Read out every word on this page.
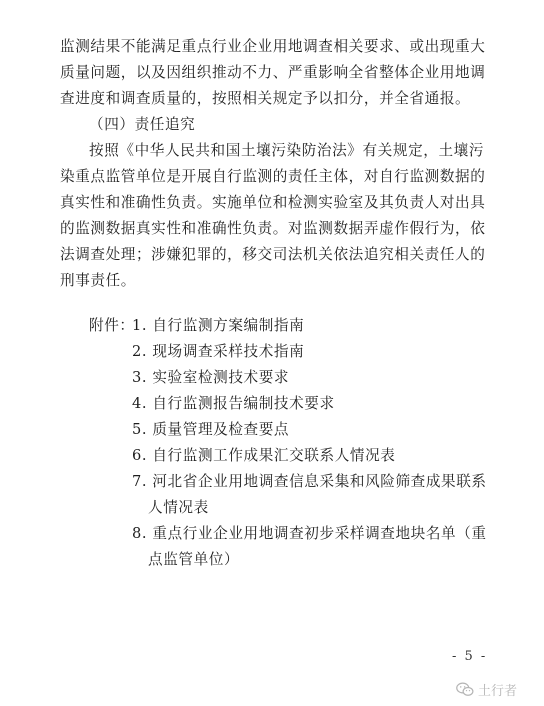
监测结果不能满足重点行业企业用地调查相关要求、或出现重大
质量问题，以及因组织推动不力、严重影响全省整体企业用地调
查进度和调查质量的，按照相关规定予以扣分，并全省通报。
（四）责任追究
按照《中华人民共和国土壤污染防治法》有关规定，土壤污
染重点监管单位是开展自行监测的责任主体，对自行监测数据的
真实性和准确性负责。实施单位和检测实验室及其负责人对出具
的监测数据真实性和准确性负责。对监测数据弄虚作假行为，依
法调查处理；涉嫌犯罪的，移交司法机关依法追究相关责任人的
刑事责任。
附件：
1. 自行监测方案编制指南
2. 现场调查采样技术指南
3. 实验室检测技术要求
4. 自行监测报告编制技术要求
5. 质量管理及检查要点
6. 自行监测工作成果汇交联系人情况表
7. 河北省企业用地调查信息采集和风险筛查成果联系
人情况表
8. 重点行业企业用地调查初步采样调查地块名单（重
点监管单位）
- 5 -
土行者
